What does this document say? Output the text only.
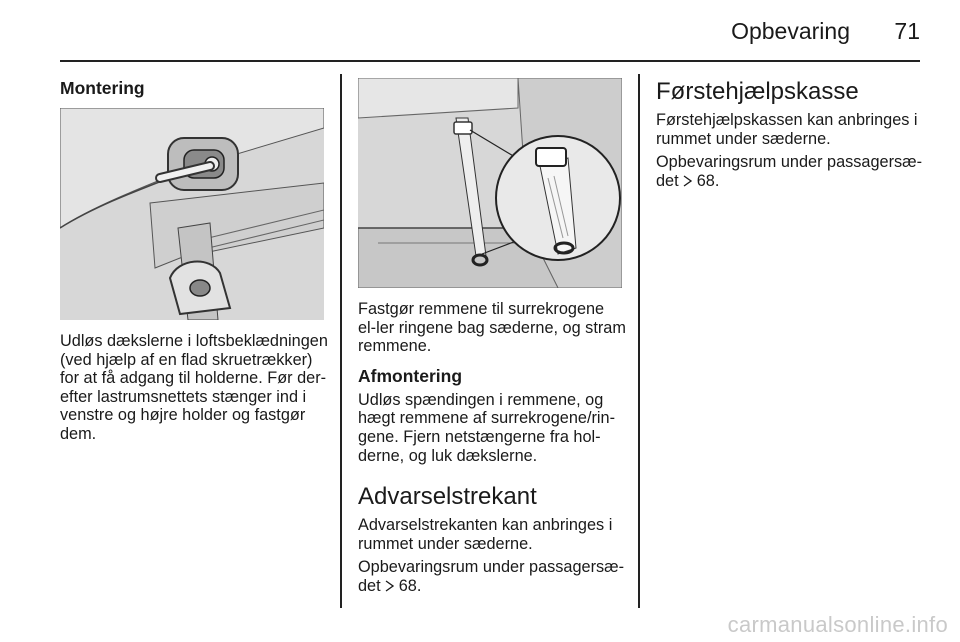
Opbevaring	71

Montering

Udløs dækslerne i loftsbeklædningen (ved hjælp af en flad skruetrækker) for at få adgang til holderne. Før der-efter lastrumsnettets stænger ind i venstre og højre holder og fastgør dem.

Fastgør remmene til surrekrogene el-ler ringene bag sæderne, og stram remmene.

Afmontering

Udløs spændingen i remmene, og hægt remmene af surrekrogene/rin-gene. Fjern netstængerne fra hol-derne, og luk dækslerne.

Advarselstrekant

Advarselstrekanten kan anbringes i rummet under sæderne.

Opbevaringsrum under passagersæ-det 68.

Førstehjælpskasse

Førstehjælpskassen kan anbringes i rummet under sæderne.

Opbevaringsrum under passagersæ-det 68.

carmanualsonline.info
